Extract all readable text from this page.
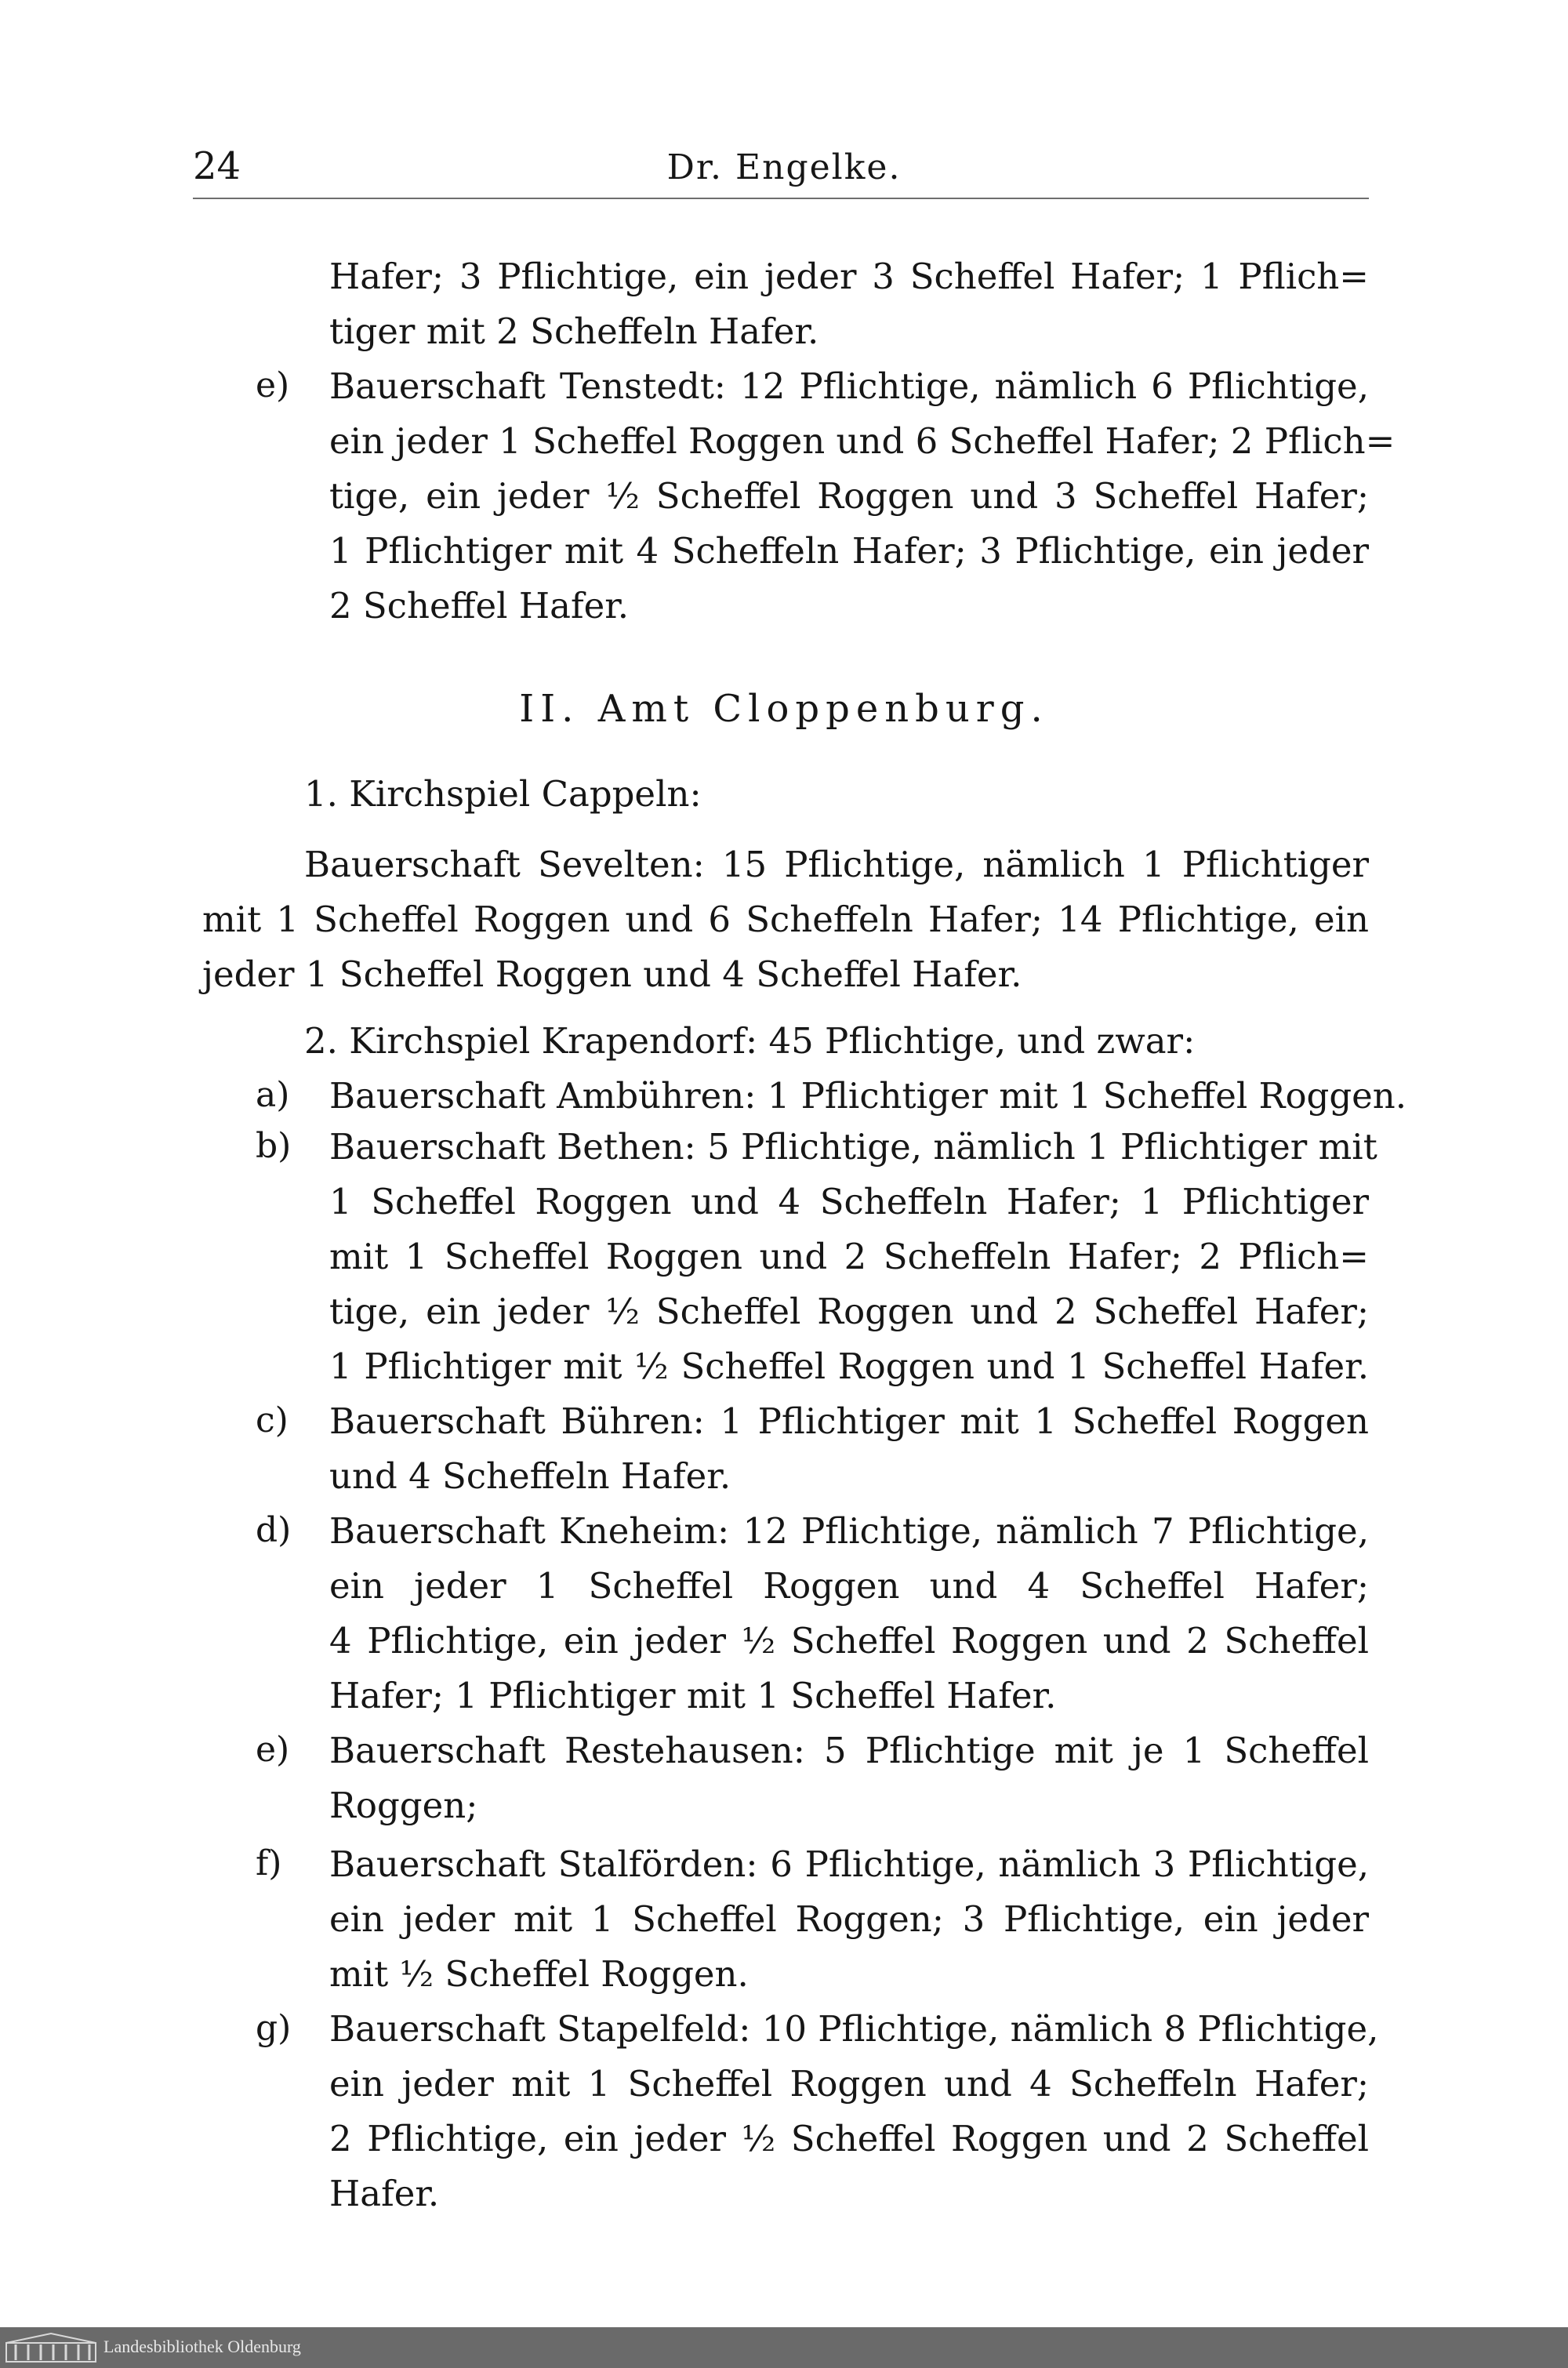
24	Dr. Engelke.
Hafer; 3 Pflichtige, ein jeder 3 Scheffel Hafer; 1 Pflich=
tiger mit 2 Scheffeln Hafer.
e)	Bauerschaft Tenstedt: 12 Pflichtige, nämlich 6 Pflichtige,
ein jeder 1 Scheffel Roggen und 6 Scheffel Hafer; 2 Pflich=
tige, ein jeder ½ Scheffel Roggen und 3 Scheffel Hafer;
1 Pflichtiger mit 4 Scheffeln Hafer; 3 Pflichtige, ein jeder
2 Scheffel Hafer.
II. Amt Cloppenburg.
1. Kirchspiel Cappeln:
Bauerschaft Sevelten: 15 Pflichtige, nämlich 1 Pflichtiger
mit 1 Scheffel Roggen und 6 Scheffeln Hafer; 14 Pflichtige, ein
jeder 1 Scheffel Roggen und 4 Scheffel Hafer.
2. Kirchspiel Krapendorf: 45 Pflichtige, und zwar:
a)	Bauerschaft Ambühren: 1 Pflichtiger mit 1 Scheffel Roggen.
b)	Bauerschaft Bethen: 5 Pflichtige, nämlich 1 Pflichtiger mit
1 Scheffel Roggen und 4 Scheffeln Hafer; 1 Pflichtiger
mit 1 Scheffel Roggen und 2 Scheffeln Hafer; 2 Pflich=
tige, ein jeder ½ Scheffel Roggen und 2 Scheffel Hafer;
1 Pflichtiger mit ½ Scheffel Roggen und 1 Scheffel Hafer.
c)	Bauerschaft Bühren: 1 Pflichtiger mit 1 Scheffel Roggen
und 4 Scheffeln Hafer.
d)	Bauerschaft Kneheim: 12 Pflichtige, nämlich 7 Pflichtige,
ein jeder 1 Scheffel Roggen und 4 Scheffel Hafer;
4 Pflichtige, ein jeder ½ Scheffel Roggen und 2 Scheffel
Hafer; 1 Pflichtiger mit 1 Scheffel Hafer.
e)	Bauerschaft Restehausen: 5 Pflichtige mit je 1 Scheffel
Roggen;
f)	Bauerschaft Stalförden: 6 Pflichtige, nämlich 3 Pflichtige,
ein jeder mit 1 Scheffel Roggen; 3 Pflichtige, ein jeder
mit ½ Scheffel Roggen.
g)	Bauerschaft Stapelfeld: 10 Pflichtige, nämlich 8 Pflichtige,
ein jeder mit 1 Scheffel Roggen und 4 Scheffeln Hafer;
2 Pflichtige, ein jeder ½ Scheffel Roggen und 2 Scheffel
Hafer.
Landesbibliothek Oldenburg
